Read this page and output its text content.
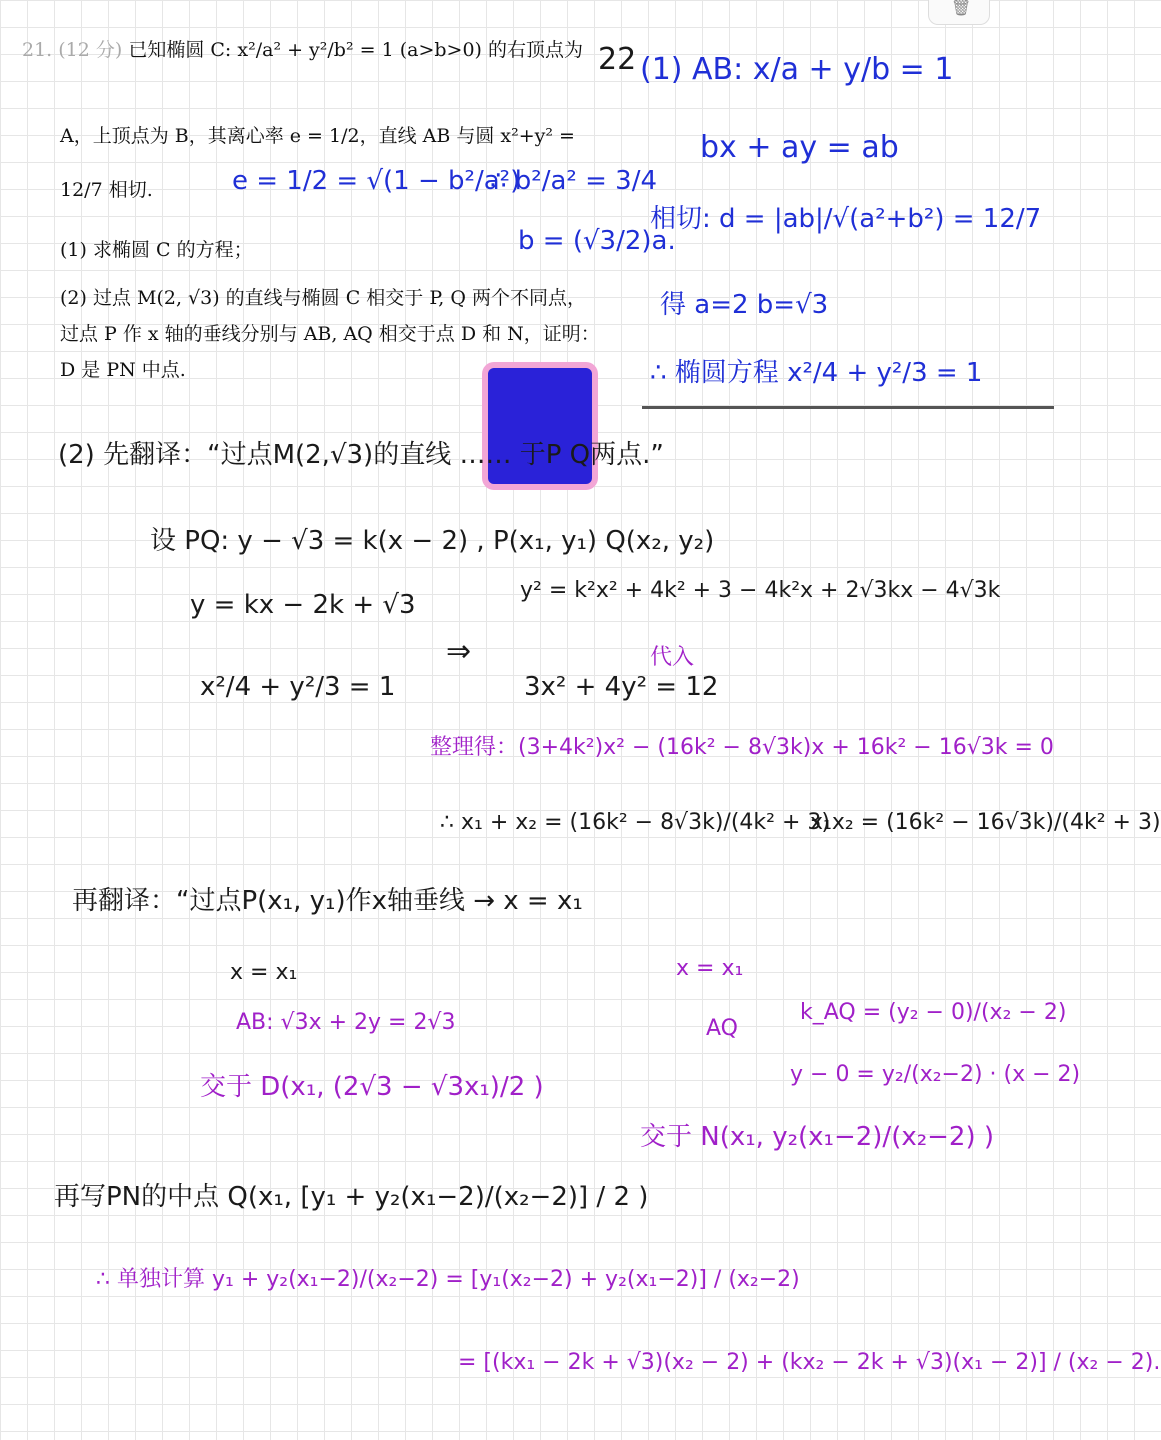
🗑

21. (12 分) 已知椭圆 C: x²/a² + y²/b² = 1 (a>b>0) 的右顶点为

A，上顶点为 B，其离心率 e = 1/2，直线 AB 与圆 x²+y² =

12/7 相切.

(1) 求椭圆 C 的方程；

(2) 过点 M(2, √3) 的直线与椭圆 C 相交于 P, Q 两个不同点，过点 P 作 x 轴的垂线分别与 AB, AQ 相交于点 D 和 N，证明：D 是 PN 中点.

22 (1) AB: x/a + y/b = 1
bx + ay = ab
相切: d = |ab|/√(a²+b²) = 12/7
e = 1/2 = √(1 − b²/a²)
∴ b²/a² = 3/4
b = (√3/2)a.
得 a=2 b=√3
∴ 椭圆方程 x²/4 + y²/3 = 1
(2) 先翻译：“过点M(2,√3)的直线 …… 于P Q两点.”
设 PQ: y − √3 = k(x − 2) , P(x₁, y₁) Q(x₂, y₂)
y = kx − 2k + √3
x²/4 + y²/3 = 1
⇒
y² = k²x² + 4k² + 3 − 4k²x + 2√3kx − 4√3k
代入
3x² + 4y² = 12
整理得：(3+4k²)x² − (16k² − 8√3k)x + 16k² − 16√3k = 0
∴ x₁ + x₂ = (16k² − 8√3k)/(4k² + 3)
x₁x₂ = (16k² − 16√3k)/(4k² + 3)
再翻译：“过点P(x₁, y₁)作x轴垂线 → x = x₁
x = x₁
AB: √3x + 2y = 2√3
交于 D(x₁, (2√3 − √3x₁)/2 )
x = x₁
AQ
k_AQ = (y₂ − 0)/(x₂ − 2)
y − 0 = y₂/(x₂−2) · (x − 2)
交于 N(x₁, y₂(x₁−2)/(x₂−2) )
再写PN的中点 Q(x₁, [y₁ + y₂(x₁−2)/(x₂−2)] / 2 )
∴ 单独计算 y₁ + y₂(x₁−2)/(x₂−2) = [y₁(x₂−2) + y₂(x₁−2)] / (x₂−2)
= [(kx₁ − 2k + √3)(x₂ − 2) + (kx₂ − 2k + √3)(x₁ − 2)] / (x₂ − 2).
